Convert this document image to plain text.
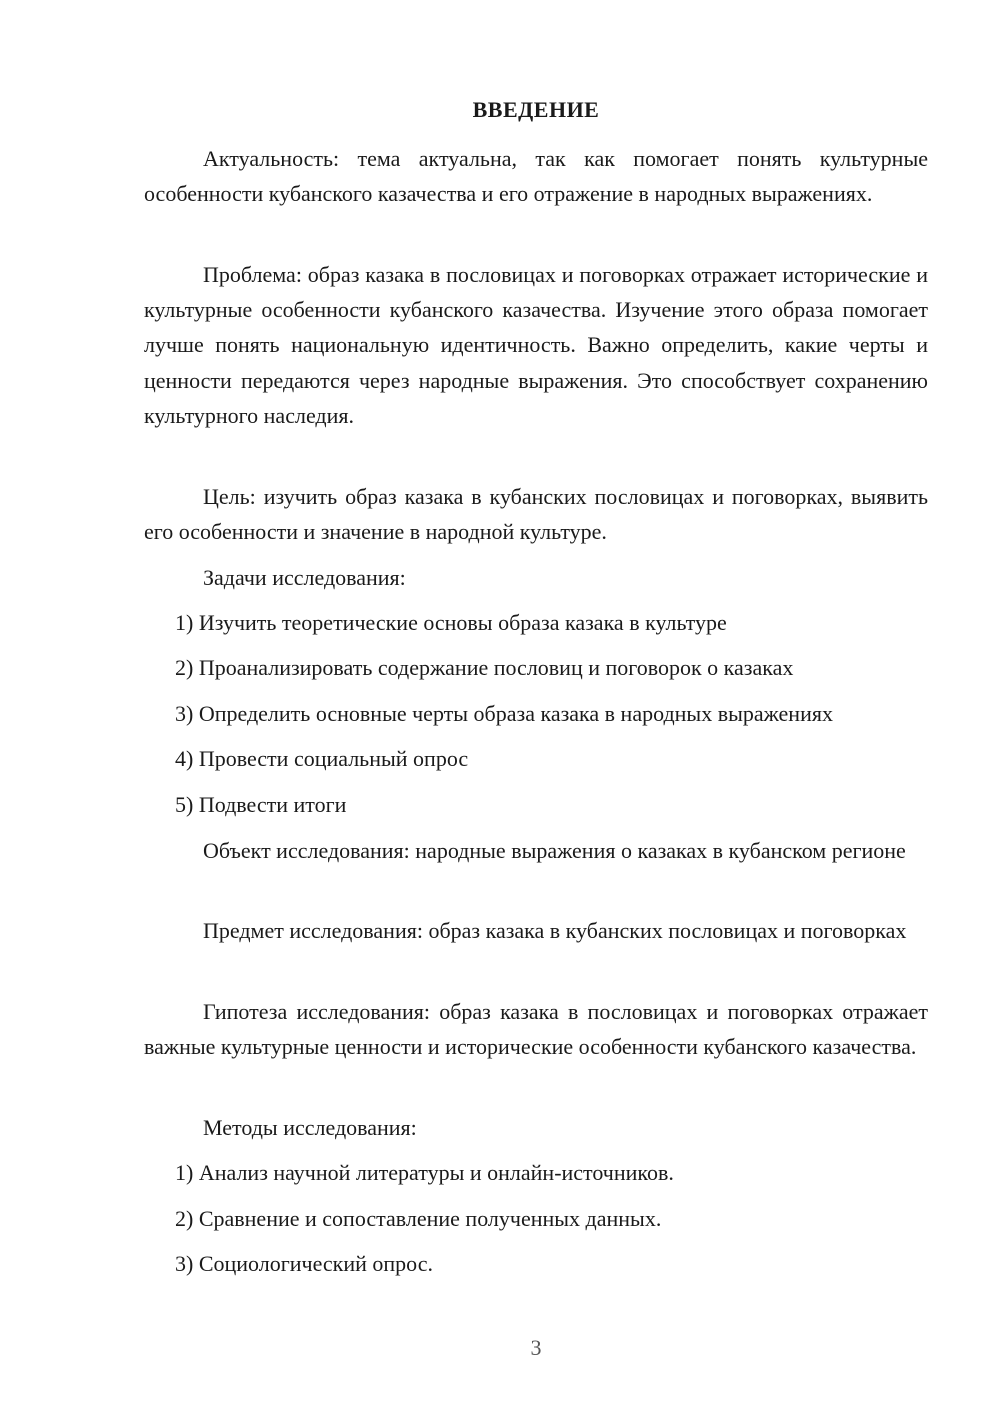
ВВЕДЕНИЕ

Актуальность: тема актуальна, так как помогает понять культурные особенности кубанского казачества и его отражение в народных выражениях.

Проблема: образ казака в пословицах и поговорках отражает исторические и культурные особенности кубанского казачества. Изучение этого образа помогает лучше понять национальную идентичность. Важно определить, какие черты и ценности передаются через народные выражения. Это способствует сохранению культурного наследия.

Цель: изучить образ казака в кубанских пословицах и поговорках, выявить его особенности и значение в народной культуре.

Задачи исследования:

1) Изучить теоретические основы образа казака в культуре

2) Проанализировать содержание пословиц и поговорок о казаках

3) Определить основные черты образа казака в народных выражениях

4) Провести социальный опрос

5) Подвести итоги

Объект исследования: народные выражения о казаках в кубанском регионе

Предмет исследования: образ казака в кубанских пословицах и поговорках

Гипотеза исследования: образ казака в пословицах и поговорках отражает важные культурные ценности и исторические особенности кубанского казачества.

Методы исследования:

1) Анализ научной литературы и онлайн-источников.

2) Сравнение и сопоставление полученных данных.

3) Социологический опрос.

3
